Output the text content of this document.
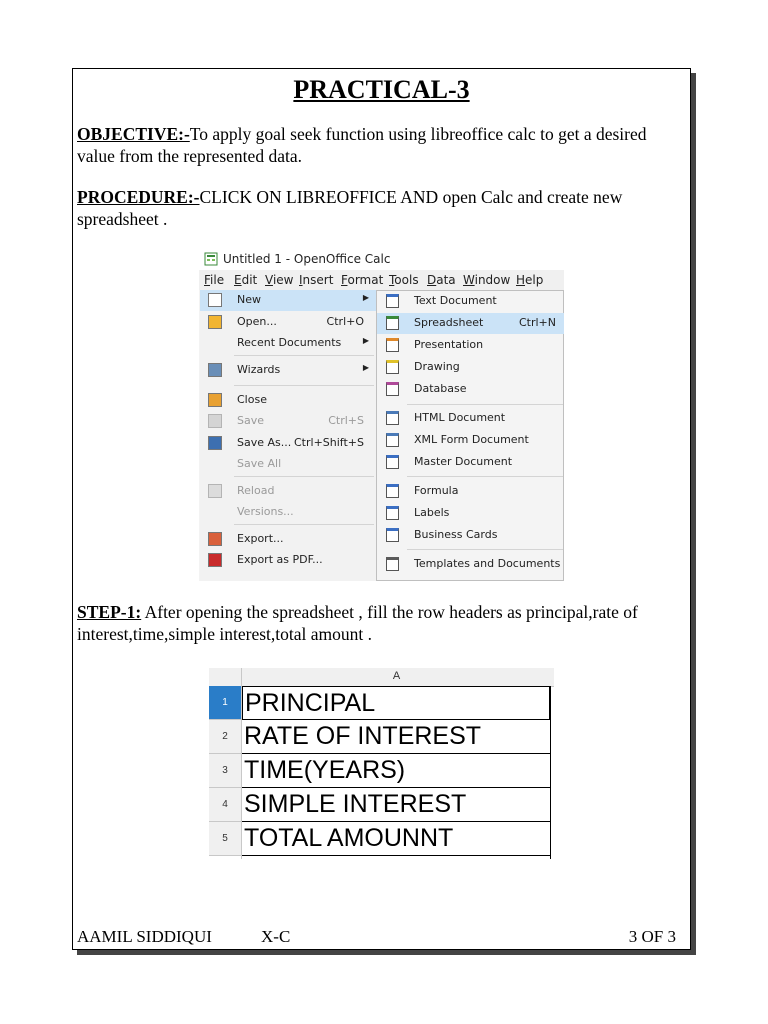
PRACTICAL-3
OBJECTIVE:-To apply goal seek function using libreoffice calc to get a desired value from the represented data.
PROCEDURE:-CLICK ON LIBREOFFICE AND open Calc and create new spreadsheet .
Untitled 1 - OpenOffice Calc
File Edit View Insert Format Tools Data Window Help
New	▶
Open...	Ctrl+O
Recent Documents	▶
Wizards	▶
Close
Save	Ctrl+S
Save As... Ctrl+Shift+S
Save All
Reload
Versions...
Export...
Export as PDF...
Text Document
Spreadsheet	Ctrl+N
Presentation
Drawing
Database
HTML Document
XML Form Document
Master Document
Formula
Labels
Business Cards
Templates and Documents
STEP-1: After opening the spreadsheet , fill the row headers as principal,rate of interest,time,simple interest,total amount .
A
1 PRINCIPAL
2 RATE OF INTEREST
3 TIME(YEARS)
4 SIMPLE INTEREST
5 TOTAL AMOUNNT
AAMIL SIDDIQUI	X-C	3 OF 3
